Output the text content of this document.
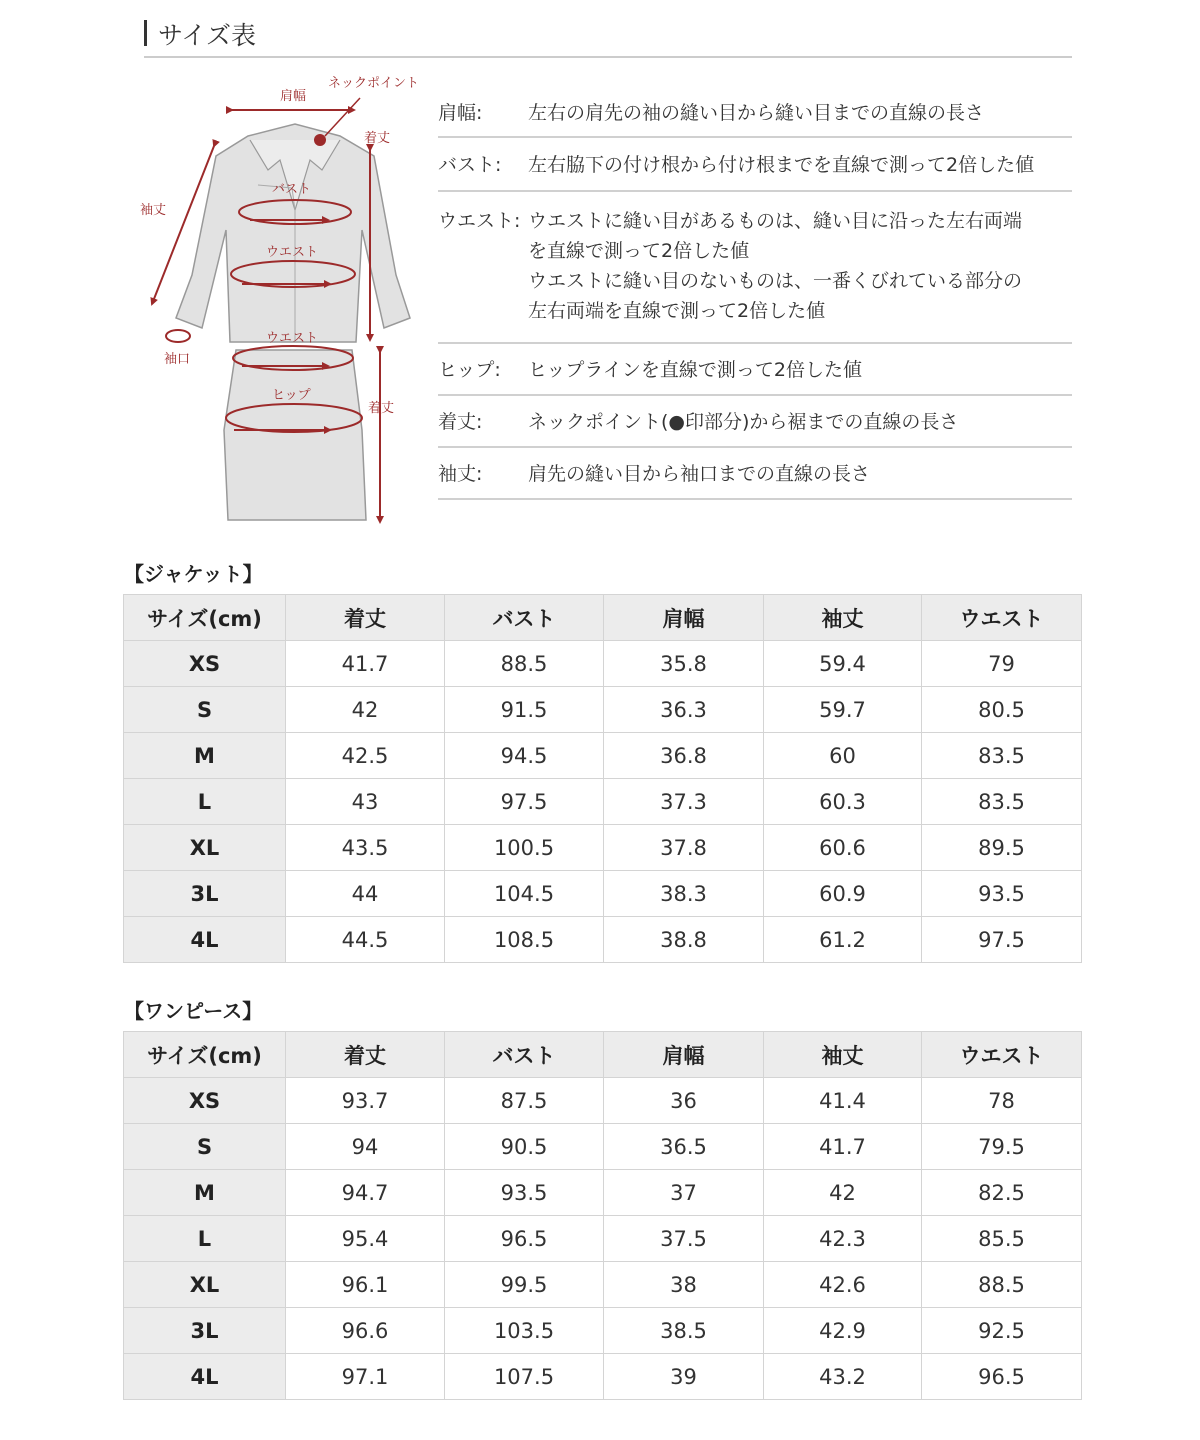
サイズ表
肩幅
ネックポイント
着丈
袖丈
バスト
ウエスト
袖口
ウエスト
ヒップ
着丈
肩幅: 左右の肩先の袖の縫い目から縫い目までの直線の長さ
バスト: 左右脇下の付け根から付け根までを直線で測って2倍した値
ウエスト: ウエストに縫い目があるものは、縫い目に沿った左右両端
を直線で測って2倍した値
ウエストに縫い目のないものは、一番くびれている部分の
左右両端を直線で測って2倍した値
ヒップ: ヒップラインを直線で測って2倍した値
着丈: ネックポイント(●印部分)から裾までの直線の長さ
袖丈: 肩先の縫い目から袖口までの直線の長さ
【ジャケット】
サイズ(cm)	着丈	バスト	肩幅	袖丈	ウエスト
XS	41.7	88.5	35.8	59.4	79
S	42	91.5	36.3	59.7	80.5
M	42.5	94.5	36.8	60	83.5
L	43	97.5	37.3	60.3	83.5
XL	43.5	100.5	37.8	60.6	89.5
3L	44	104.5	38.3	60.9	93.5
4L	44.5	108.5	38.8	61.2	97.5
【ワンピース】
サイズ(cm)	着丈	バスト	肩幅	袖丈	ウエスト
XS	93.7	87.5	36	41.4	78
S	94	90.5	36.5	41.7	79.5
M	94.7	93.5	37	42	82.5
L	95.4	96.5	37.5	42.3	85.5
XL	96.1	99.5	38	42.6	88.5
3L	96.6	103.5	38.5	42.9	92.5
4L	97.1	107.5	39	43.2	96.5
